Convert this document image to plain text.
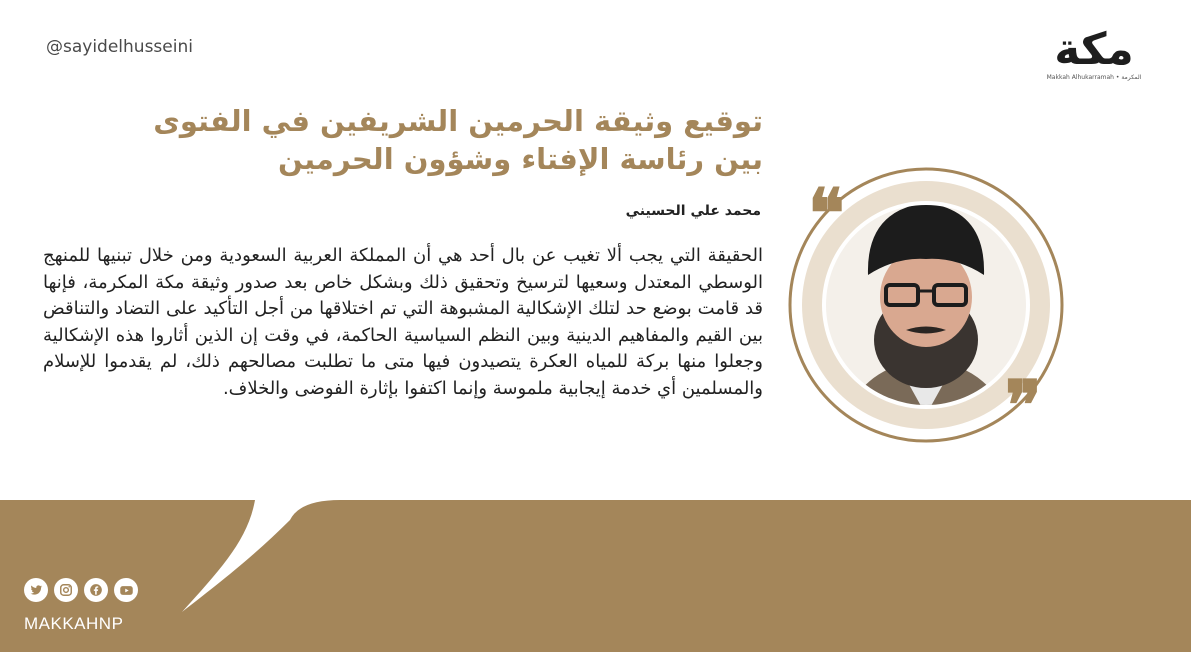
@sayidelhusseini	مكة
Makkah Alhukarramah • المكرمة
توقيع وثيقة الحرمين الشريفين في الفتوى
بين رئاسة الإفتاء وشؤون الحرمين
محمد علي الحسيني

الحقيقة التي يجب ألا تغيب عن بال أحد هي أن المملكة العربية السعودية ومن خلال تبنيها للمنهج الوسطي المعتدل وسعيها لترسيخ وتحقيق ذلك وبشكل خاص بعد صدور وثيقة مكة المكرمة، فإنها قد قامت بوضع حد لتلك الإشكالية المشبوهة التي تم اختلاقها من أجل التأكيد على التضاد والتناقض بين القيم والمفاهيم الدينية وبين النظم السياسية الحاكمة، في وقت إن الذين أثاروا هذه الإشكالية وجعلوا منها بركة للمياه العكرة يتصيدون فيها متى ما تطلبت مصالحهم ذلك، لم يقدموا للإسلام والمسلمين أي خدمة إيجابية ملموسة وإنما اكتفوا بإثارة الفوضى والخلاف.

❝
❞
MAKKAHNP
